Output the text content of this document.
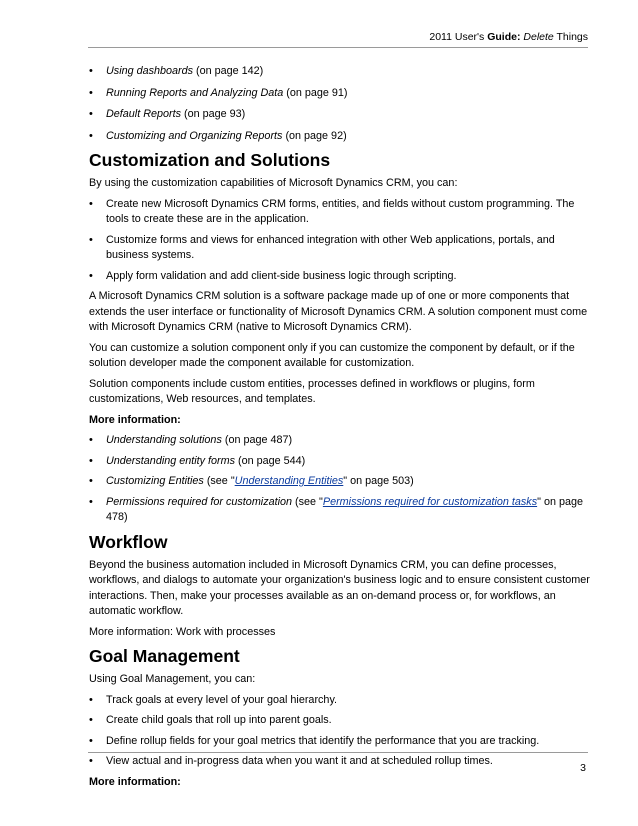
2011 User's Guide: Delete Things
• Using dashboards (on page 142)
• Running Reports and Analyzing Data (on page 91)
• Default Reports (on page 93)
• Customizing and Organizing Reports (on page 92)
Customization and Solutions

By using the customization capabilities of Microsoft Dynamics CRM, you can:

• Create new Microsoft Dynamics CRM forms, entities, and fields without custom programming. The tools to create these are in the application.
• Customize forms and views for enhanced integration with other Web applications, portals, and business systems.
• Apply form validation and add client-side business logic through scripting.

A Microsoft Dynamics CRM solution is a software package made up of one or more components that extends the user interface or functionality of Microsoft Dynamics CRM. A solution component must come with Microsoft Dynamics CRM (native to Microsoft Dynamics CRM).

You can customize a solution component only if you can customize the component by default, or if the solution developer made the component available for customization.

Solution components include custom entities, processes defined in workflows or plugins, form customizations, Web resources, and templates.

More information:

• Understanding solutions (on page 487)
• Understanding entity forms (on page 544)
• Customizing Entities (see "Understanding Entities" on page 503)
• Permissions required for customization (see "Permissions required for customization tasks" on page 478)
Workflow

Beyond the business automation included in Microsoft Dynamics CRM, you can define processes, workflows, and dialogs to automate your organization's business logic and to ensure consistent customer interactions. Then, make your processes available as an on-demand process or, for workflows, an automatic workflow.

More information: Work with processes

Goal Management

Using Goal Management, you can:

• Track goals at every level of your goal hierarchy.
• Create child goals that roll up into parent goals.
• Define rollup fields for your goal metrics that identify the performance that you are tracking.
• View actual and in-progress data when you want it and at scheduled rollup times.

More information:

3
